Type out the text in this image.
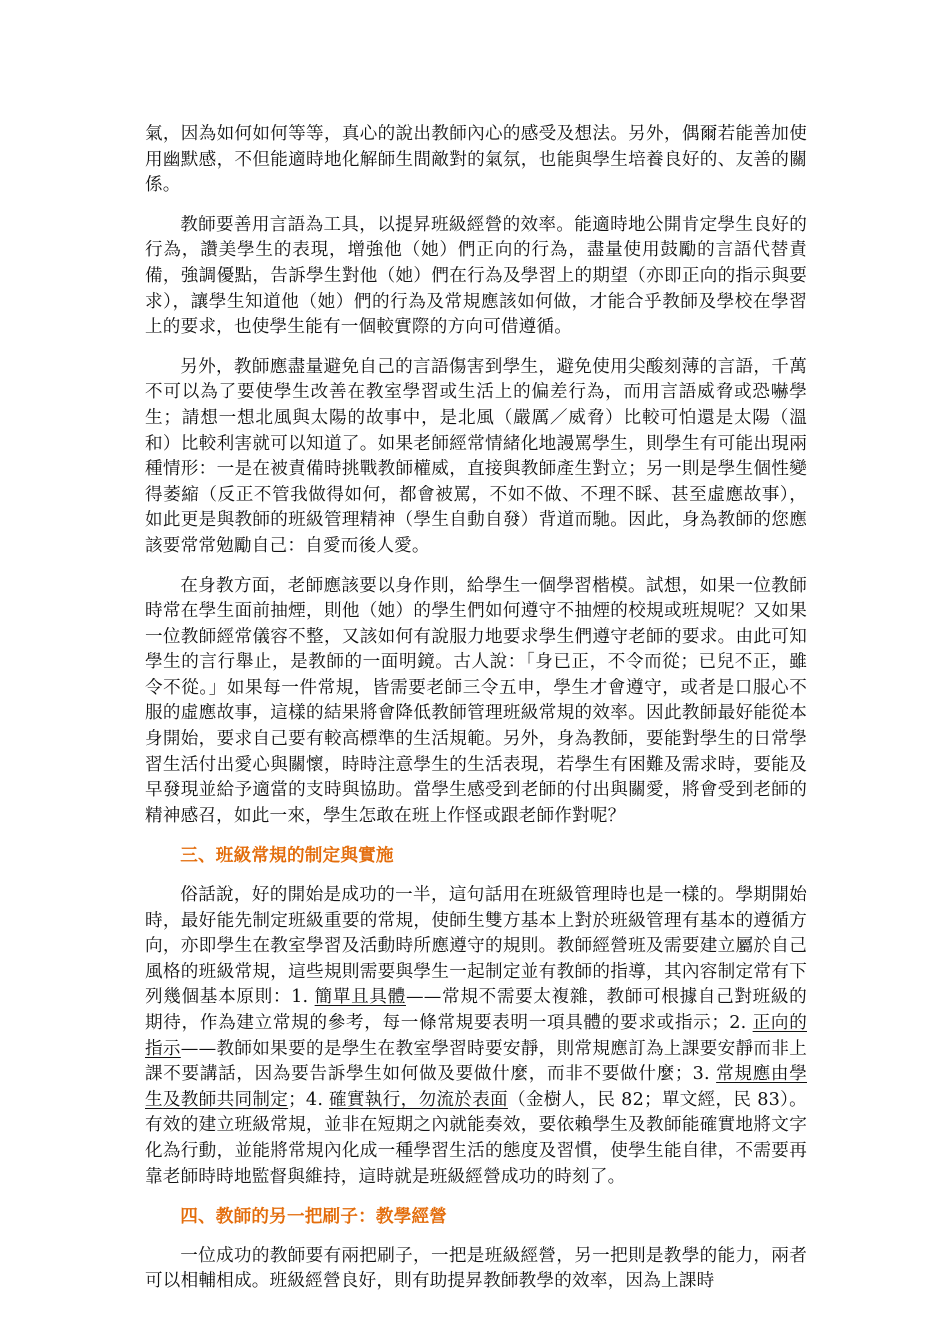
氣，因為如何如何等等，真心的說出教師內心的感受及想法。另外，偶爾若能善加使用幽默感，不但能適時地化解師生間敵對的氣氛，也能與學生培養良好的、友善的關係。

教師要善用言語為工具，以提昇班級經營的效率。能適時地公開肯定學生良好的行為，讚美學生的表現，增強他（她）們正向的行為，盡量使用鼓勵的言語代替責備，強調優點，告訴學生對他（她）們在行為及學習上的期望（亦即正向的指示與要求），讓學生知道他（她）們的行為及常規應該如何做，才能合乎教師及學校在學習上的要求，也使學生能有一個較實際的方向可借遵循。

另外，教師應盡量避免自己的言語傷害到學生，避免使用尖酸刻薄的言語，千萬不可以為了要使學生改善在教室學習或生活上的偏差行為，而用言語威脅或恐嚇學生；請想一想北風與太陽的故事中，是北風（嚴厲／威脅）比較可怕還是太陽（溫和）比較利害就可以知道了。如果老師經常情緒化地謾罵學生，則學生有可能出現兩種情形：一是在被責備時挑戰教師權威，直接與教師產生對立；另一則是學生個性變得萎縮（反正不管我做得如何，都會被罵，不如不做、不理不睬、甚至虛應故事），如此更是與教師的班級管理精神（學生自動自發）背道而馳。因此，身為教師的您應該要常常勉勵自己：自愛而後人愛。

在身教方面，老師應該要以身作則，給學生一個學習楷模。試想，如果一位教師時常在學生面前抽煙，則他（她）的學生們如何遵守不抽煙的校規或班規呢？又如果一位教師經常儀容不整，又該如何有說服力地要求學生們遵守老師的要求。由此可知學生的言行舉止，是教師的一面明鏡。古人說：「身已正，不令而從；已兒不正，雖令不從。」如果每一件常規，皆需要老師三令五申，學生才會遵守，或者是口服心不服的虛應故事，這樣的結果將會降低教師管理班級常規的效率。因此教師最好能從本身開始，要求自己要有較高標準的生活規範。另外，身為教師，要能對學生的日常學習生活付出愛心與關懷，時時注意學生的生活表現，若學生有困難及需求時，要能及早發現並給予適當的支時與協助。當學生感受到老師的付出與關愛，將會受到老師的精神感召，如此一來，學生怎敢在班上作怪或跟老師作對呢？

三、班級常規的制定與實施

俗話說，好的開始是成功的一半，這句話用在班級管理時也是一樣的。學期開始時，最好能先制定班級重要的常規，使師生雙方基本上對於班級管理有基本的遵循方向，亦即學生在教室學習及活動時所應遵守的規則。教師經營班及需要建立屬於自己風格的班級常規，這些規則需要與學生一起制定並有教師的指導，其內容制定常有下列幾個基本原則：1. 簡單且具體——常規不需要太複雜，教師可根據自己對班級的期待，作為建立常規的參考，每一條常規要表明一項具體的要求或指示；2. 正向的指示——教師如果要的是學生在教室學習時要安靜，則常規應訂為上課要安靜而非上課不要講話，因為要告訴學生如何做及要做什麼，而非不要做什麼；3. 常規應由學生及教師共同制定；4. 確實執行，勿流於表面（金樹人，民 82；單文經，民 83）。有效的建立班級常規，並非在短期之內就能奏效，要依賴學生及教師能確實地將文字化為行動，並能將常規內化成一種學習生活的態度及習慣，使學生能自律，不需要再靠老師時時地監督與維持，這時就是班級經營成功的時刻了。

四、教師的另一把刷子：教學經營

一位成功的教師要有兩把刷子，一把是班級經營，另一把則是教學的能力，兩者可以相輔相成。班級經營良好，則有助提昇教師教學的效率，因為上課時
